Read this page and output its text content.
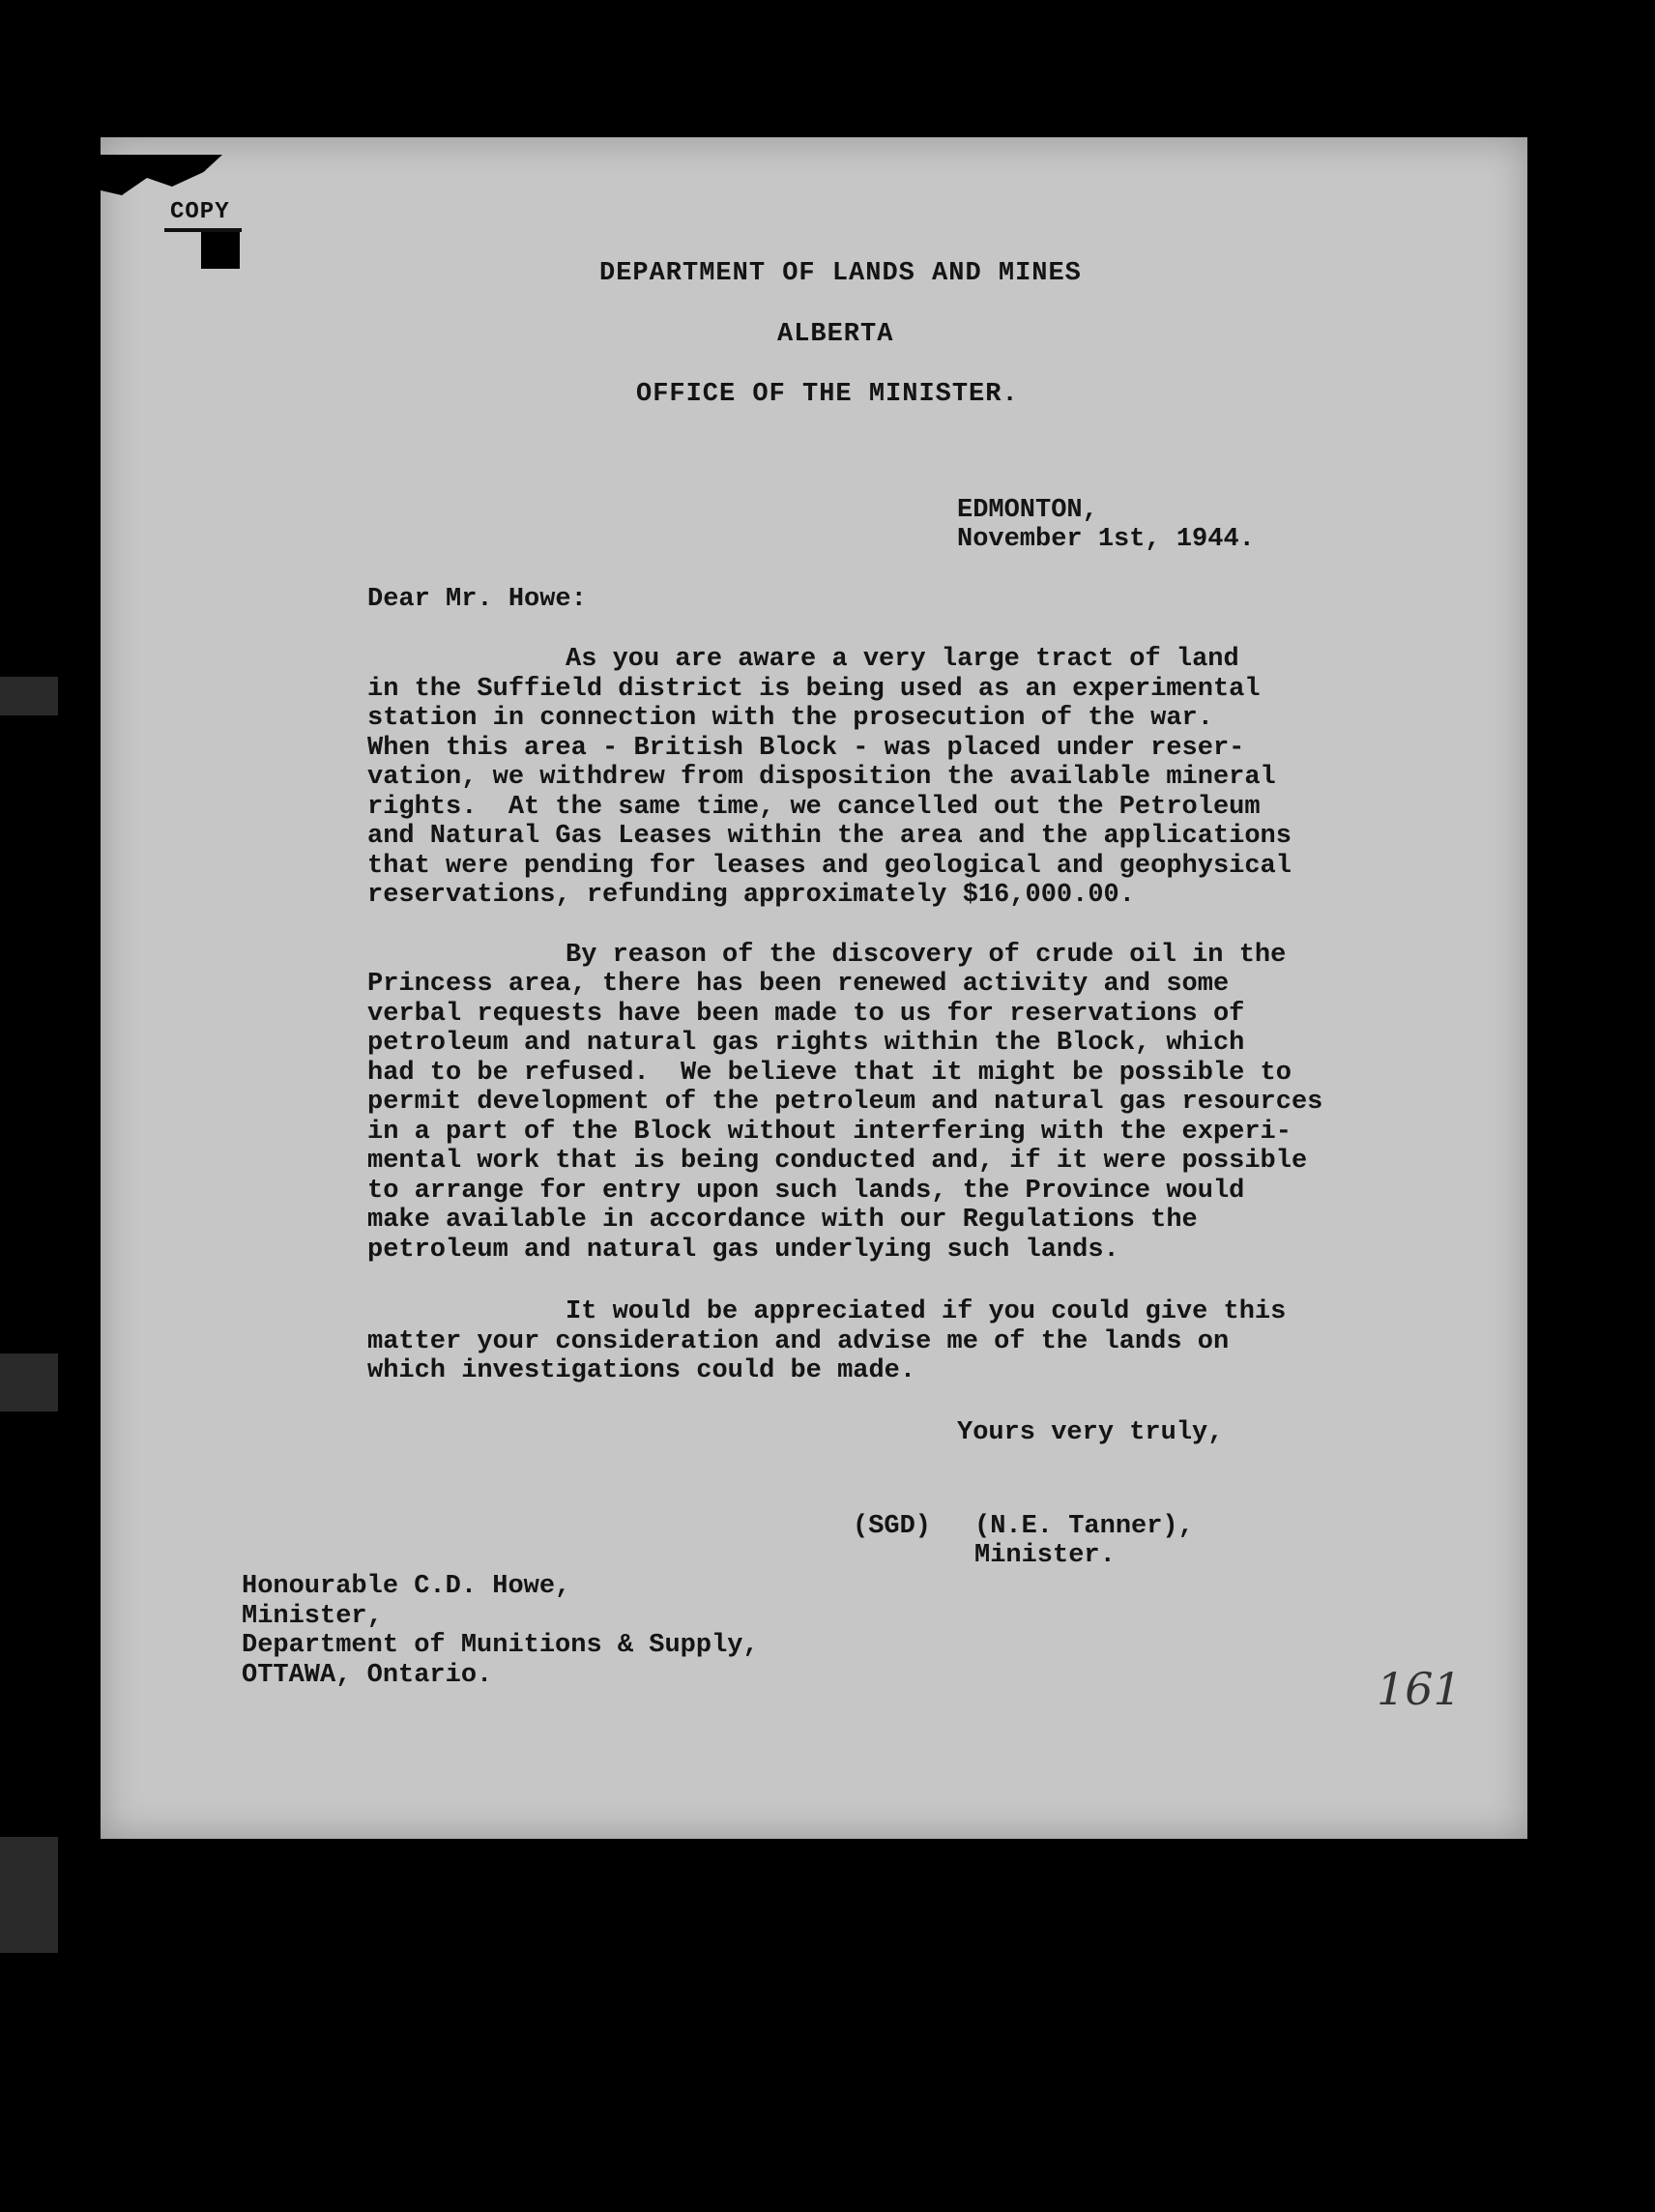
COPY
DEPARTMENT OF LANDS AND MINES
ALBERTA
OFFICE OF THE MINISTER.
EDMONTON,
November 1st, 1944.
Dear Mr. Howe:
As you are aware a very large tract of land
in the Suffield district is being used as an experimental
station in connection with the prosecution of the war.
When this area - British Block - was placed under reser-
vation, we withdrew from disposition the available mineral
rights.  At the same time, we cancelled out the Petroleum
and Natural Gas Leases within the area and the applications
that were pending for leases and geological and geophysical
reservations, refunding approximately $16,000.00.
By reason of the discovery of crude oil in the
Princess area, there has been renewed activity and some
verbal requests have been made to us for reservations of
petroleum and natural gas rights within the Block, which
had to be refused.  We believe that it might be possible to
permit development of the petroleum and natural gas resources
in a part of the Block without interfering with the experi-
mental work that is being conducted and, if it were possible
to arrange for entry upon such lands, the Province would
make available in accordance with our Regulations the
petroleum and natural gas underlying such lands.
It would be appreciated if you could give this
matter your consideration and advise me of the lands on
which investigations could be made.
Yours very truly,
(SGD) (N.E. Tanner),
Minister.
Honourable C.D. Howe,
Minister,
Department of Munitions & Supply,
OTTAWA, Ontario.	161
